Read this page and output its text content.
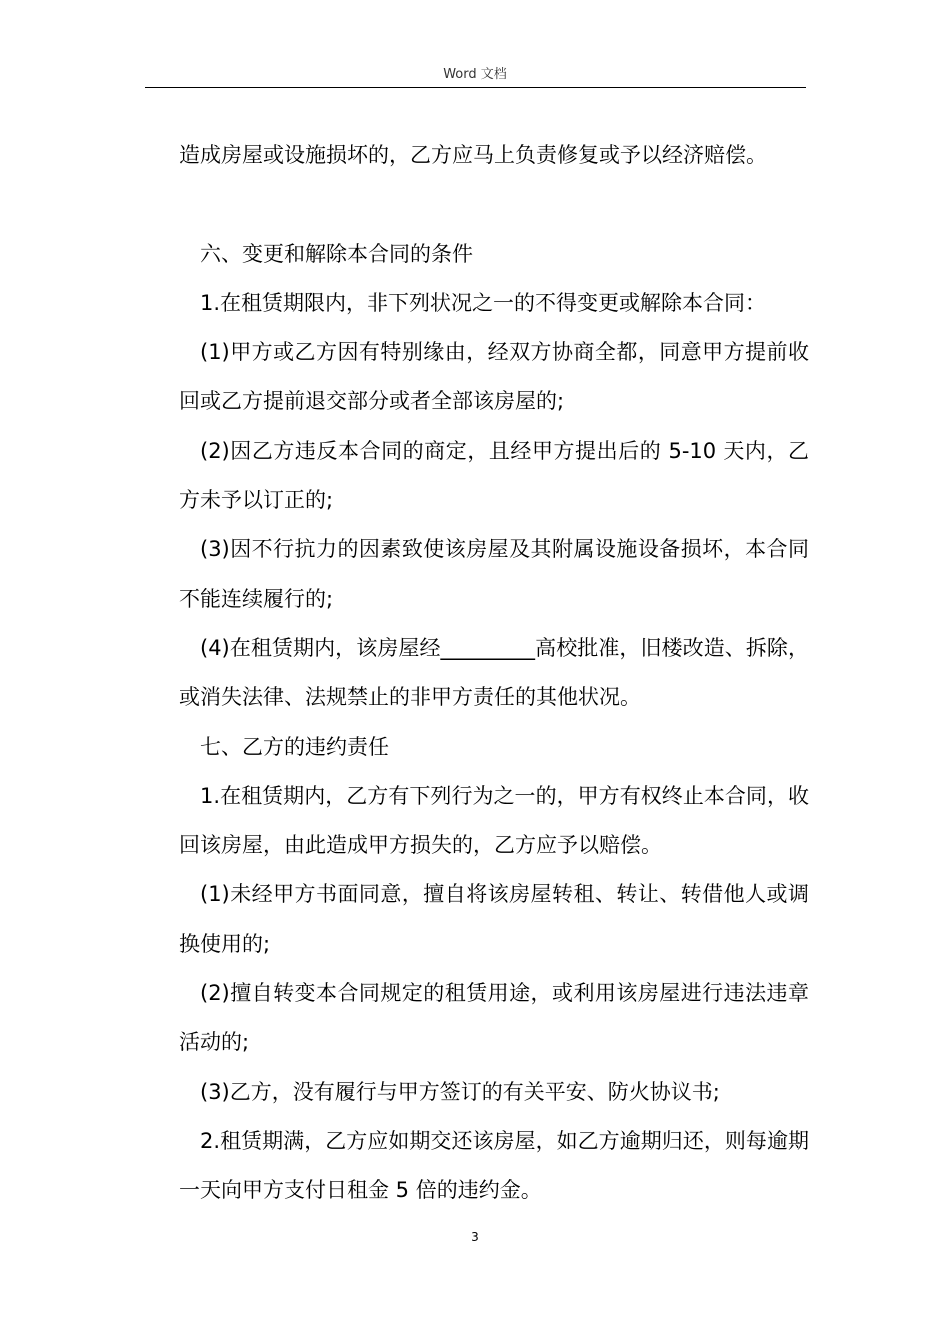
Word 文档

造成房屋或设施损坏的，乙方应马上负责修复或予以经济赔偿。

六、变更和解除本合同的条件

1.在租赁期限内，非下列状况之一的不得变更或解除本合同：

(1)甲方或乙方因有特别缘由，经双方协商全都，同意甲方提前收回或乙方提前退交部分或者全部该房屋的;

(2)因乙方违反本合同的商定，且经甲方提出后的 5-10 天内，乙方未予以订正的;

(3)因不行抗力的因素致使该房屋及其附属设施设备损坏，本合同不能连续履行的;

(4)在租赁期内，该房屋经_________高校批准，旧楼改造、拆除，或消失法律、法规禁止的非甲方责任的其他状况。

七、乙方的违约责任

1.在租赁期内，乙方有下列行为之一的，甲方有权终止本合同，收回该房屋，由此造成甲方损失的，乙方应予以赔偿。

(1)未经甲方书面同意，擅自将该房屋转租、转让、转借他人或调换使用的;

(2)擅自转变本合同规定的租赁用途，或利用该房屋进行违法违章活动的;

(3)乙方，没有履行与甲方签订的有关平安、防火协议书;

2.租赁期满，乙方应如期交还该房屋，如乙方逾期归还，则每逾期一天向甲方支付日租金 5 倍的违约金。

3
